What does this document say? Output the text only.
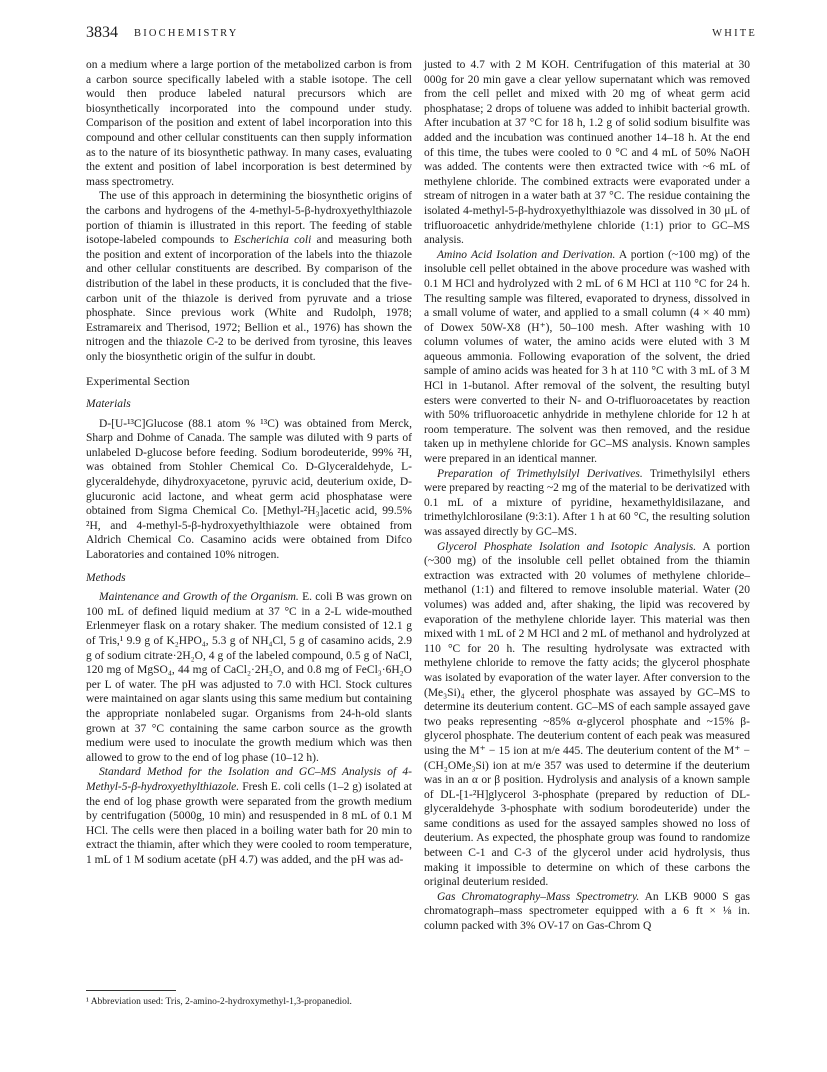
3834 BIOCHEMISTRY	WHITE

on a medium where a large portion of the metabolized carbon is from a carbon source specifically labeled with a stable isotope. The cell would then produce labeled natural precursors which are biosynthetically incorporated into the compound under study. Comparison of the position and extent of label incorporation into this compound and other cellular constituents can then supply information as to the nature of its biosynthetic pathway. In many cases, evaluating the extent and position of label incorporation is best determined by mass spectrometry.

The use of this approach in determining the biosynthetic origins of the carbons and hydrogens of the 4-methyl-5-β-hydroxyethylthiazole portion of thiamin is illustrated in this report. The feeding of stable isotope-labeled compounds to Escherichia coli and measuring both the position and extent of incorporation of the labels into the thiazole and other cellular constituents are described. By comparison of the distribution of the label in these products, it is concluded that the five-carbon unit of the thiazole is derived from pyruvate and a triose phosphate. Since previous work (White and Rudolph, 1978; Estramareix and Therisod, 1972; Bellion et al., 1976) has shown the nitrogen and the thiazole C-2 to be derived from tyrosine, this leaves only the biosynthetic origin of the sulfur in doubt.

Experimental Section
Materials

D-[U-¹³C]Glucose (88.1 atom % ¹³C) was obtained from Merck, Sharp and Dohme of Canada. The sample was diluted with 9 parts of unlabeled D-glucose before feeding. Sodium borodeuteride, 99% ²H, was obtained from Stohler Chemical Co. D-Glyceraldehyde, L-glyceraldehyde, dihydroxyacetone, pyruvic acid, deuterium oxide, D-glucuronic acid lactone, and wheat germ acid phosphatase were obtained from Sigma Chemical Co. [Methyl-²H₃]acetic acid, 99.5% ²H, and 4-methyl-5-β-hydroxyethylthiazole were obtained from Aldrich Chemical Co. Casamino acids were obtained from Difco Laboratories and contained 10% nitrogen.

Methods

Maintenance and Growth of the Organism. E. coli B was grown on 100 mL of defined liquid medium at 37 °C in a 2-L wide-mouthed Erlenmeyer flask on a rotary shaker. The medium consisted of 12.1 g of Tris,¹ 9.9 g of K₂HPO₄, 5.3 g of NH₄Cl, 5 g of casamino acids, 2.9 g of sodium citrate·2H₂O, 4 g of the labeled compound, 0.5 g of NaCl, 120 mg of MgSO₄, 44 mg of CaCl₂·2H₂O, and 0.8 mg of FeCl₃·6H₂O per L of water. The pH was adjusted to 7.0 with HCl. Stock cultures were maintained on agar slants using this same medium but containing the appropriate nonlabeled sugar. Organisms from 24-h-old slants grown at 37 °C containing the same carbon source as the growth medium were used to inoculate the growth medium which was then allowed to grow to the end of log phase (10–12 h).

Standard Method for the Isolation and GC–MS Analysis of 4-Methyl-5-β-hydroxyethylthiazole. Fresh E. coli cells (1–2 g) isolated at the end of log phase growth were separated from the growth medium by centrifugation (5000g, 10 min) and resuspended in 8 mL of 0.1 M HCl. The cells were then placed in a boiling water bath for 20 min to extract the thiamin, after which they were cooled to room temperature, 1 mL of 1 M sodium acetate (pH 4.7) was added, and the pH was ad-

justed to 4.7 with 2 M KOH. Centrifugation of this material at 30 000g for 20 min gave a clear yellow supernatant which was removed from the cell pellet and mixed with 20 mg of wheat germ acid phosphatase; 2 drops of toluene was added to inhibit bacterial growth. After incubation at 37 °C for 18 h, 1.2 g of solid sodium bisulfite was added and the incubation was continued another 14–18 h. At the end of this time, the tubes were cooled to 0 °C and 4 mL of 50% NaOH was added. The contents were then extracted twice with ~6 mL of methylene chloride. The combined extracts were evaporated under a stream of nitrogen in a water bath at 37 °C. The residue containing the isolated 4-methyl-5-β-hydroxyethylthiazole was dissolved in 30 μL of trifluoroacetic anhydride/methylene chloride (1:1) prior to GC–MS analysis.

Amino Acid Isolation and Derivation. A portion (~100 mg) of the insoluble cell pellet obtained in the above procedure was washed with 0.1 M HCl and hydrolyzed with 2 mL of 6 M HCl at 110 °C for 24 h. The resulting sample was filtered, evaporated to dryness, dissolved in a small volume of water, and applied to a small column (4 × 40 mm) of Dowex 50W-X8 (H⁺), 50–100 mesh. After washing with 10 column volumes of water, the amino acids were eluted with 3 M aqueous ammonia. Following evaporation of the solvent, the dried sample of amino acids was heated for 3 h at 110 °C with 3 mL of 3 M HCl in 1-butanol. After removal of the solvent, the resulting butyl esters were converted to their N- and O-trifluoroacetates by reaction with 50% trifluoroacetic anhydride in methylene chloride for 12 h at room temperature. The solvent was then removed, and the residue taken up in methylene chloride for GC–MS analysis. Known samples were prepared in an identical manner.

Preparation of Trimethylsilyl Derivatives. Trimethylsilyl ethers were prepared by reacting ~2 mg of the material to be derivatized with 0.1 mL of a mixture of pyridine, hexamethyldisilazane, and trimethylchlorosilane (9:3:1). After 1 h at 60 °C, the resulting solution was assayed directly by GC–MS.

Glycerol Phosphate Isolation and Isotopic Analysis. A portion (~300 mg) of the insoluble cell pellet obtained from the thiamin extraction was extracted with 20 volumes of methylene chloride–methanol (1:1) and filtered to remove insoluble material. Water (20 volumes) was added and, after shaking, the lipid was recovered by evaporation of the methylene chloride layer. This material was then mixed with 1 mL of 2 M HCl and 2 mL of methanol and hydrolyzed at 110 °C for 20 h. The resulting hydrolysate was extracted with methylene chloride to remove the fatty acids; the glycerol phosphate was isolated by evaporation of the water layer. After conversion to the (Me₃Si)₄ ether, the glycerol phosphate was assayed by GC–MS to determine its deuterium content. GC–MS of each sample assayed gave two peaks representing ~85% α-glycerol phosphate and ~15% β-glycerol phosphate. The deuterium content of each peak was measured using the M⁺ − 15 ion at m/e 445. The deuterium content of the M⁺ − (CH₂OMe₃Si) ion at m/e 357 was used to determine if the deuterium was in an α or β position. Hydrolysis and analysis of a known sample of DL-[1-²H]glycerol 3-phosphate (prepared by reduction of DL-glyceraldehyde 3-phosphate with sodium borodeuteride) under the same conditions as used for the assayed samples showed no loss of deuterium. As expected, the phosphate group was found to randomize between C-1 and C-3 of the glycerol under acid hydrolysis, thus making it impossible to determine on which of these carbons the original deuterium resided.

Gas Chromatography–Mass Spectrometry. An LKB 9000 S gas chromatograph–mass spectrometer equipped with a 6 ft × ⅛ in. column packed with 3% OV-17 on Gas-Chrom Q

¹ Abbreviation used: Tris, 2-amino-2-hydroxymethyl-1,3-propanediol.
